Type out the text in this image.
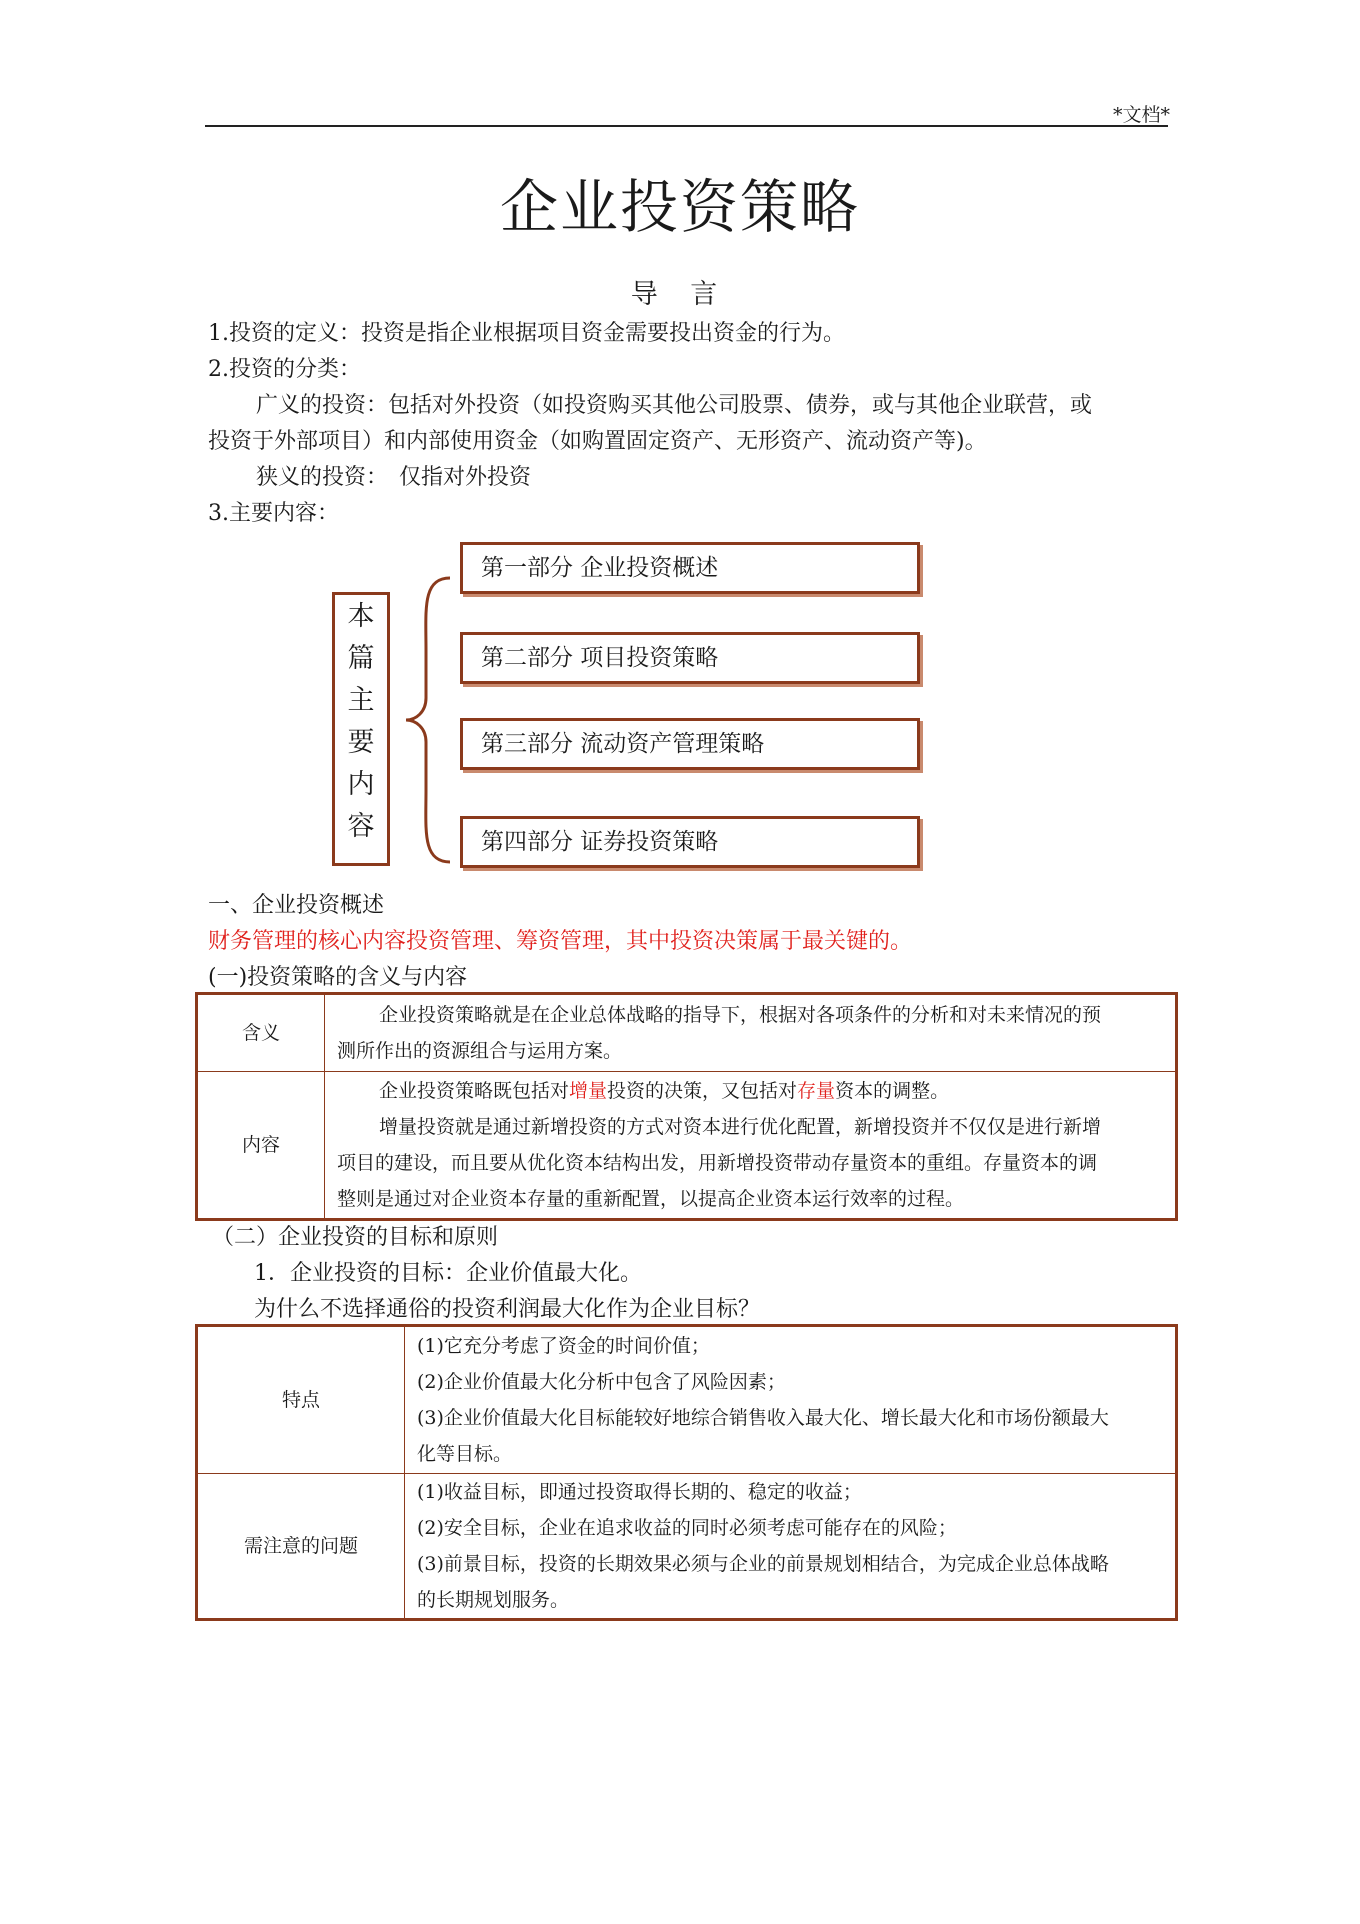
*文档*
企业投资策略
导 言
1.投资的定义：投资是指企业根据项目资金需要投出资金的行为。
2.投资的分类：
广义的投资：包括对外投资（如投资购买其他公司股票、债券，或与其他企业联营，或
投资于外部项目）和内部使用资金（如购置固定资产、无形资产、流动资产等)。
狭义的投资：　仅指对外投资
3.主要内容：
本
篇
主
要
内
容
第一部分 企业投资概述
第二部分 项目投资策略
第三部分 流动资产管理策略
第四部分 证券投资策略
一、企业投资概述
财务管理的核心内容投资管理、筹资管理，其中投资决策属于最关键的。
(一)投资策略的含义与内容
含义	企业投资策略就是在企业总体战略的指导下，根据对各项条件的分析和对未来情况的预

测所作出的资源组合与运用方案。

内容	企业投资策略既包括对增量投资的决策，又包括对存量资本的调整。

增量投资就是通过新增投资的方式对资本进行优化配置，新增投资并不仅仅是进行新增

项目的建设，而且要从优化资本结构出发，用新增投资带动存量资本的重组。存量资本的调

整则是通过对企业资本存量的重新配置，以提高企业资本运行效率的过程。

（二）企业投资的目标和原则
1．企业投资的目标：企业价值最大化。
为什么不选择通俗的投资利润最大化作为企业目标？
特点	(1)它充分考虑了资金的时间价值；

(2)企业价值最大化分析中包含了风险因素；

(3)企业价值最大化目标能较好地综合销售收入最大化、增长最大化和市场份额最大

化等目标。

需注意的问题	(1)收益目标，即通过投资取得长期的、稳定的收益；

(2)安全目标，企业在追求收益的同时必须考虑可能存在的风险；

(3)前景目标，投资的长期效果必须与企业的前景规划相结合，为完成企业总体战略

的长期规划服务。
